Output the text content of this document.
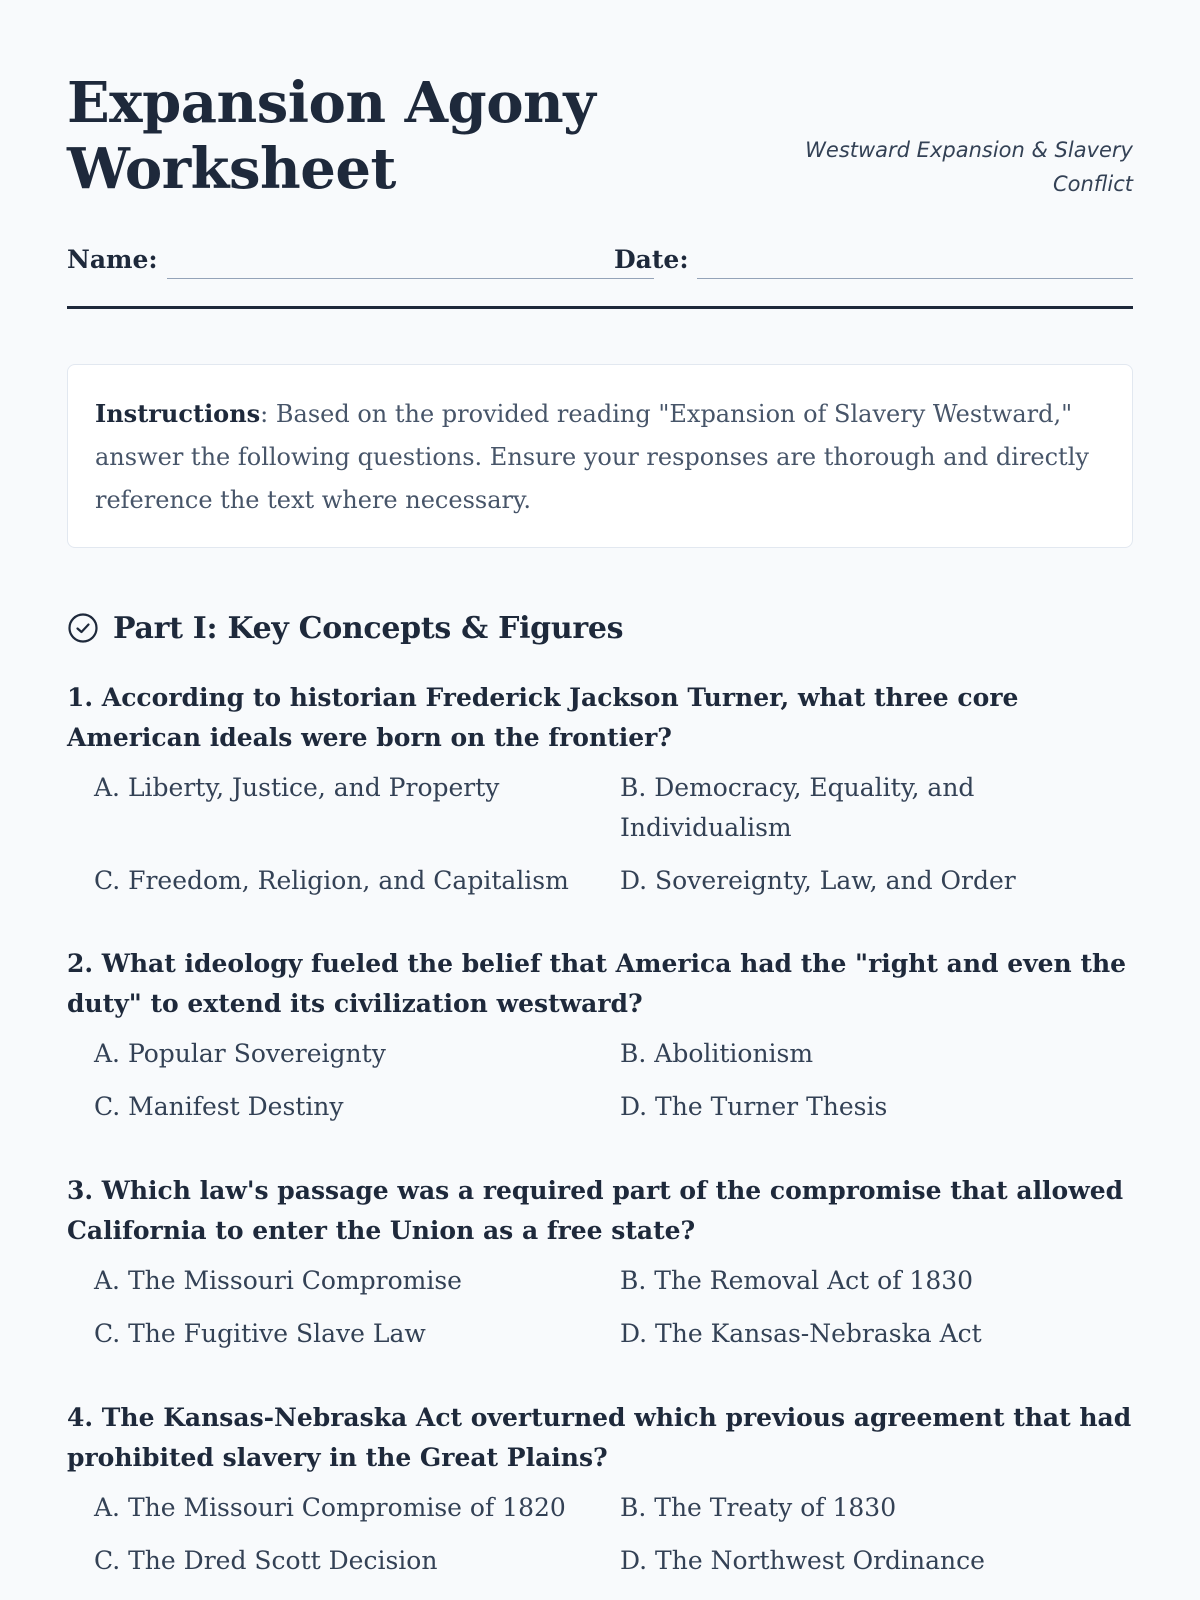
Expansion Agony Worksheet	Westward Expansion & Slavery Conflict
Name:	Date:
Instructions: Based on the provided reading "Expansion of Slavery Westward," answer the following questions. Ensure your responses are thorough and directly reference the text where necessary.
Part I: Key Concepts & Figures

1. According to historian Frederick Jackson Turner, what three core American ideals were born on the frontier?

A. Liberty, Justice, and Property	B. Democracy, Equality, and Individualism
C. Freedom, Religion, and Capitalism	D. Sovereignty, Law, and Order

2. What ideology fueled the belief that America had the "right and even the duty" to extend its civilization westward?

A. Popular Sovereignty	B. Abolitionism
C. Manifest Destiny	D. The Turner Thesis

3. Which law's passage was a required part of the compromise that allowed California to enter the Union as a free state?

A. The Missouri Compromise	B. The Removal Act of 1830
C. The Fugitive Slave Law	D. The Kansas-Nebraska Act

4. The Kansas-Nebraska Act overturned which previous agreement that had prohibited slavery in the Great Plains?

A. The Missouri Compromise of 1820	B. The Treaty of 1830
C. The Dred Scott Decision	D. The Northwest Ordinance
